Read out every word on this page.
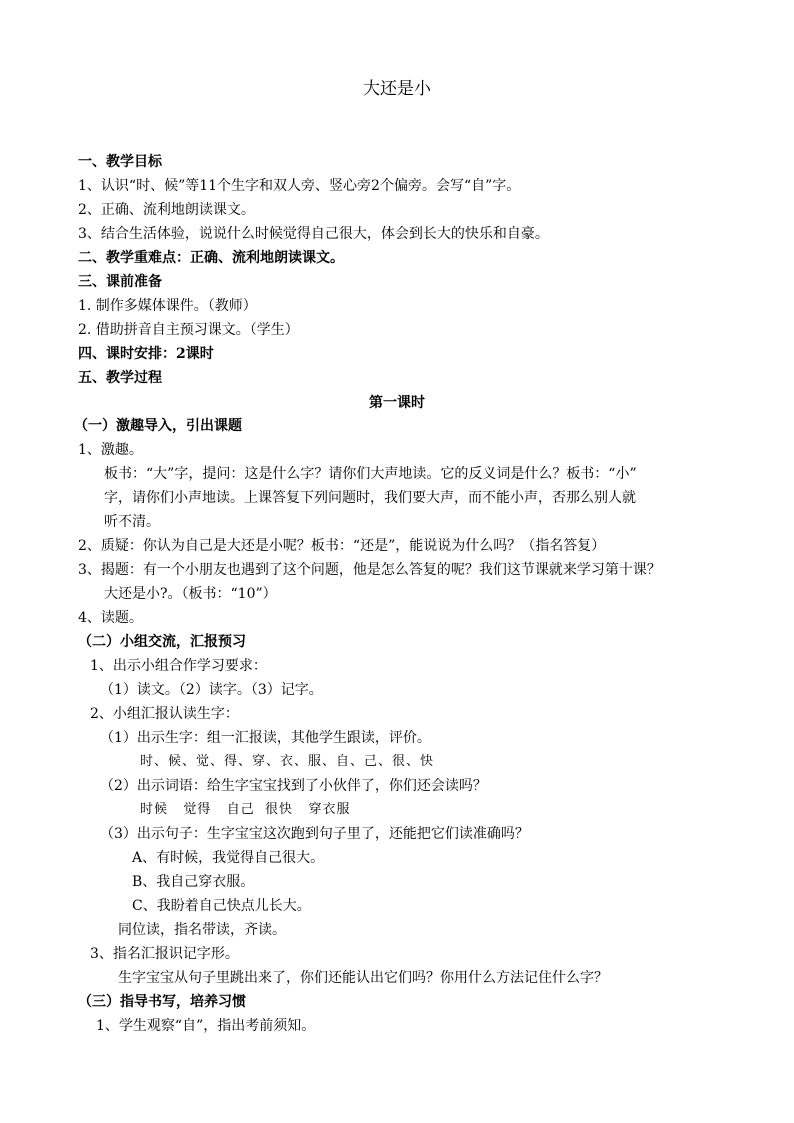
大还是小
一、教学目标
1、认识“时、候”等11个生字和双人旁、竖心旁2个偏旁。会写“自”字。
2、正确、流利地朗读课文。
3、结合生活体验，说说什么时候觉得自己很大，体会到长大的快乐和自豪。
二、教学重难点：正确、流利地朗读课文。
三、课前准备
1. 制作多媒体课件。（教师）
2. 借助拼音自主预习课文。（学生）
四、课时安排：2课时
五、教学过程
第一课时
（一）激趣导入，引出课题
1、激趣。
板书：“大”字，提问：这是什么字？请你们大声地读。它的反义词是什么？板书：“小”
字，请你们小声地读。上课答复下列问题时，我们要大声，而不能小声，否那么别人就
听不清。
2、质疑：你认为自己是大还是小呢？板书：“还是”，能说说为什么吗？（指名答复）
3、揭题：有一个小朋友也遇到了这个问题，他是怎么答复的呢？我们这节课就来学习第十课？
大还是小?。（板书：“10”）
4、读题。
（二）小组交流，汇报预习
1、出示小组合作学习要求：
（1）读文。（2）读字。（3）记字。
2、小组汇报认读生字：
（1）出示生字：组一汇报读，其他学生跟读，评价。
时、候、觉、得、穿、衣、服、自、己、很、快
（2）出示词语：给生字宝宝找到了小伙伴了，你们还会读吗？
时候   觉得   自己  很快   穿衣服
（3）出示句子：生字宝宝这次跑到句子里了，还能把它们读准确吗？
A、有时候，我觉得自己很大。
B、我自己穿衣服。
C、我盼着自己快点儿长大。
同位读，指名带读，齐读。
3、指名汇报识记字形。
生字宝宝从句子里跳出来了，你们还能认出它们吗？你用什么方法记住什么字？
（三）指导书写，培养习惯
1、学生观察“自”，指出考前须知。
